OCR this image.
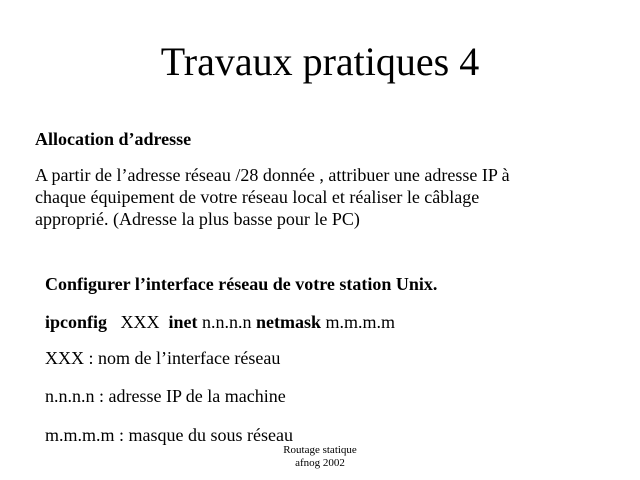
Travaux pratiques 4
Allocation d’adresse
A partir de l’adresse réseau /28 donnée , attribuer une adresse IP à
chaque équipement de votre réseau local et réaliser le câblage
approprié. (Adresse la plus basse pour le PC)
Configurer l’interface réseau de votre station Unix.
ipconfig XXX inet n.n.n.n netmask m.m.m.m
XXX : nom de l’interface réseau
n.n.n.n : adresse IP de la machine
m.m.m.m : masque du sous réseau
Routage statique
afnog 2002
